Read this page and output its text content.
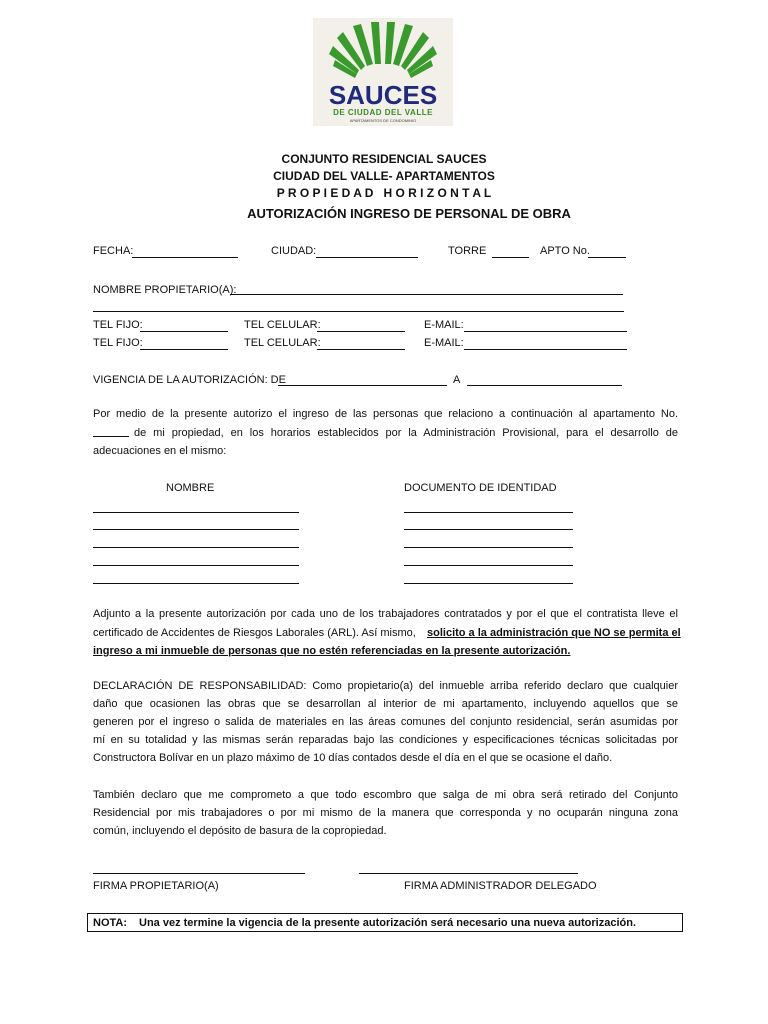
SAUCES
DE CIUDAD DEL VALLE
APARTAMENTOS DE CONDOMINIO
CONJUNTO RESIDENCIAL SAUCES
CIUDAD DEL VALLE- APARTAMENTOS
P R O P I E D A D   H O R I Z O N T A L
AUTORIZACIÓN INGRESO DE PERSONAL DE OBRA
FECHA:	CIUDAD:	TORRE	APTO No.
NOMBRE PROPIETARIO(A):
TEL FIJO:	TEL CELULAR:	E-MAIL:
TEL FIJO:	TEL CELULAR:	E-MAIL:
VIGENCIA DE LA AUTORIZACIÓN: DE	A
Por medio de la presente autorizo el ingreso de las personas que relaciono a continuación al apartamento No.
de mi propiedad, en los horarios establecidos por la Administración Provisional, para el desarrollo de
adecuaciones en el mismo:
NOMBRE	DOCUMENTO DE IDENTIDAD
Adjunto a la presente autorización por cada uno de los trabajadores contratados y por el que el contratista lleve el
certificado de Accidentes de Riesgos Laborales (ARL). Así mismo, solicito a la administración que NO se permita el
ingreso a mi inmueble de personas que no estén referenciadas en la presente autorización.
DECLARACIÓN DE RESPONSABILIDAD: Como propietario(a) del inmueble arriba referido declaro que cualquier
daño que ocasionen las obras que se desarrollan al interior de mi apartamento, incluyendo aquellos que se
generen por el ingreso o salida de materiales en las áreas comunes del conjunto residencial, serán asumidas por
mí en su totalidad y las mismas serán reparadas bajo las condiciones y especificaciones técnicas solicitadas por
Constructora Bolívar en un plazo máximo de 10 días contados desde el día en el que se ocasione el daño.
También declaro que me comprometo a que todo escombro que salga de mi obra será retirado del Conjunto
Residencial por mis trabajadores o por mi mismo de la manera que corresponda y no ocuparán ninguna zona
común, incluyendo el depósito de basura de la copropiedad.
FIRMA PROPIETARIO(A)	FIRMA ADMINISTRADOR DELEGADO
NOTA: Una vez termine la vigencia de la presente autorización será necesario una nueva autorización.
